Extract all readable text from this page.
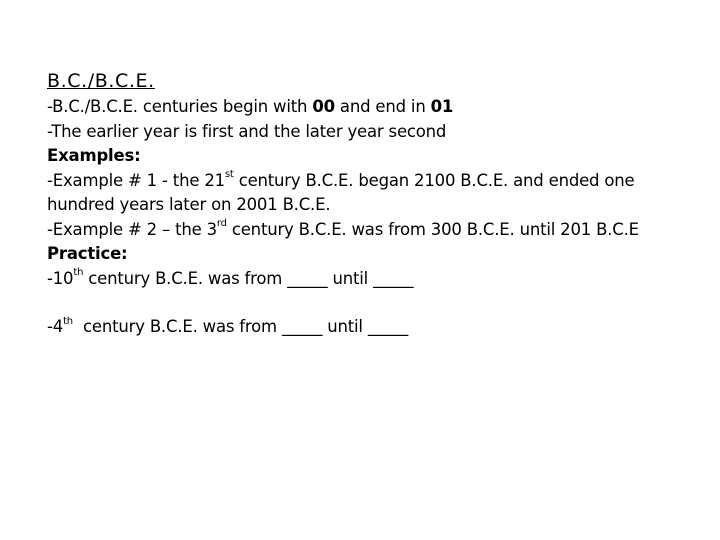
B.C./B.C.E.
-B.C./B.C.E. centuries begin with 00 and end in 01
-The earlier year is first and the later year second
Examples:
-Example # 1 - the 21st century B.C.E. began 2100 B.C.E. and ended one hundred years later on 2001 B.C.E.
-Example # 2 – the 3rd century B.C.E. was from 300 B.C.E. until 201 B.C.E
Practice:
-10th century B.C.E. was from _____ until _____
-4th  century B.C.E. was from _____ until _____
